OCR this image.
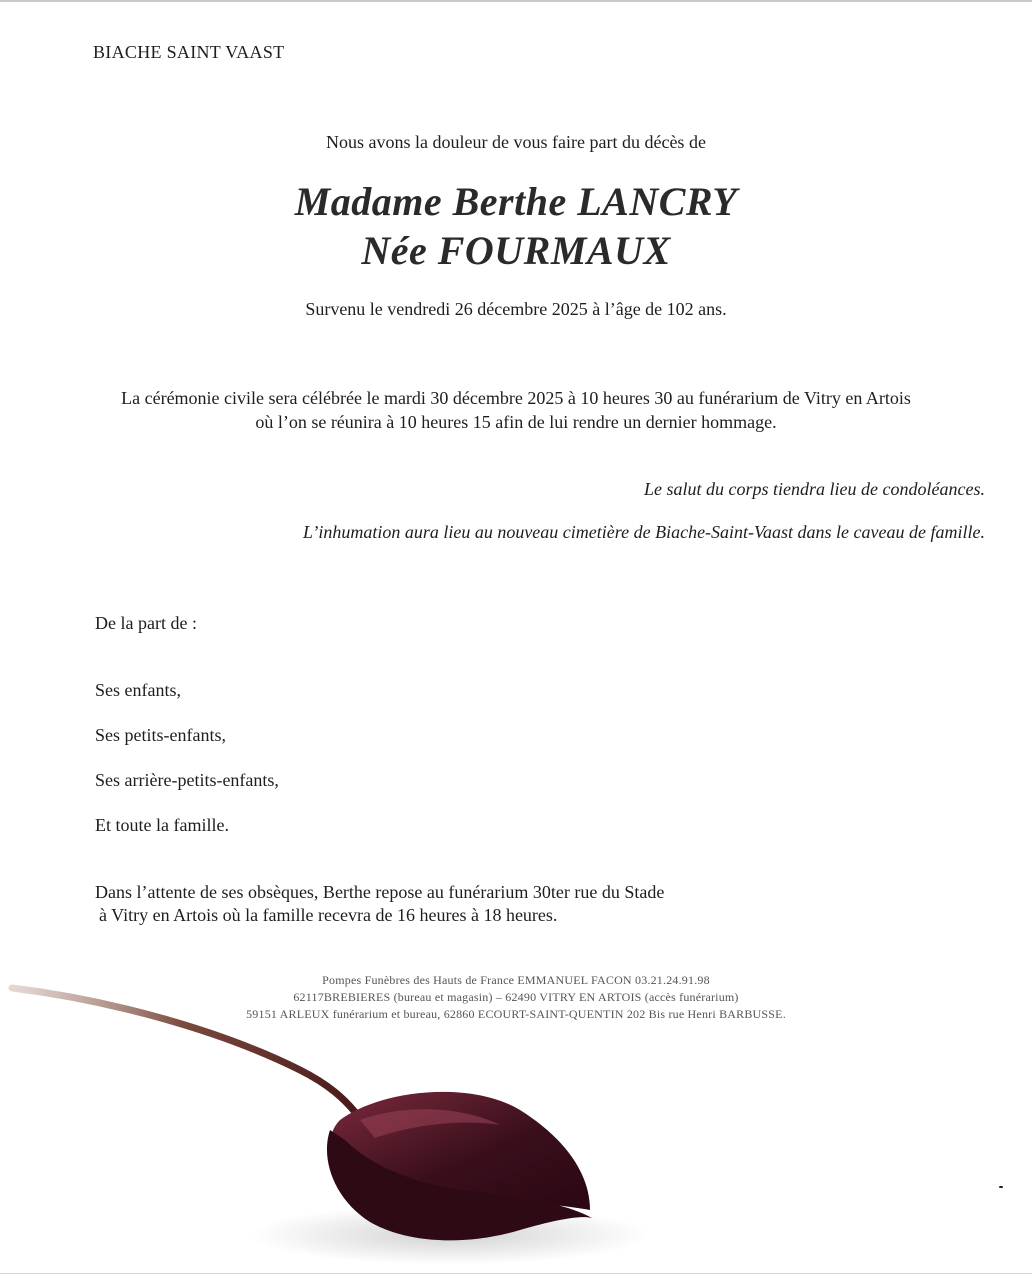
BIACHE SAINT VAAST
Nous avons la douleur de vous faire part du décès de
Madame Berthe LANCRY
Née FOURMAUX
Survenu le vendredi 26 décembre 2025 à l’âge de 102 ans.
La cérémonie civile sera célébrée le mardi 30 décembre 2025 à 10 heures 30 au funérarium de Vitry en Artois
où l’on se réunira à 10 heures 15 afin de lui rendre un dernier hommage.
Le salut du corps tiendra lieu de condoléances.
L’inhumation aura lieu au nouveau cimetière de Biache-Saint-Vaast dans le caveau de famille.
De la part de :
Ses enfants,
Ses petits-enfants,
Ses arrière-petits-enfants,
Et toute la famille.
Dans l’attente de ses obsèques, Berthe repose au funérarium 30ter rue du Stade
à Vitry en Artois où la famille recevra de 16 heures à 18 heures.
Pompes Funèbres des Hauts de France EMMANUEL FACON 03.21.24.91.98
62117BREBIERES (bureau et magasin) – 62490 VITRY EN ARTOIS (accès funérarium)
59151 ARLEUX funérarium et bureau, 62860 ECOURT-SAINT-QUENTIN 202 Bis rue Henri BARBUSSE.
